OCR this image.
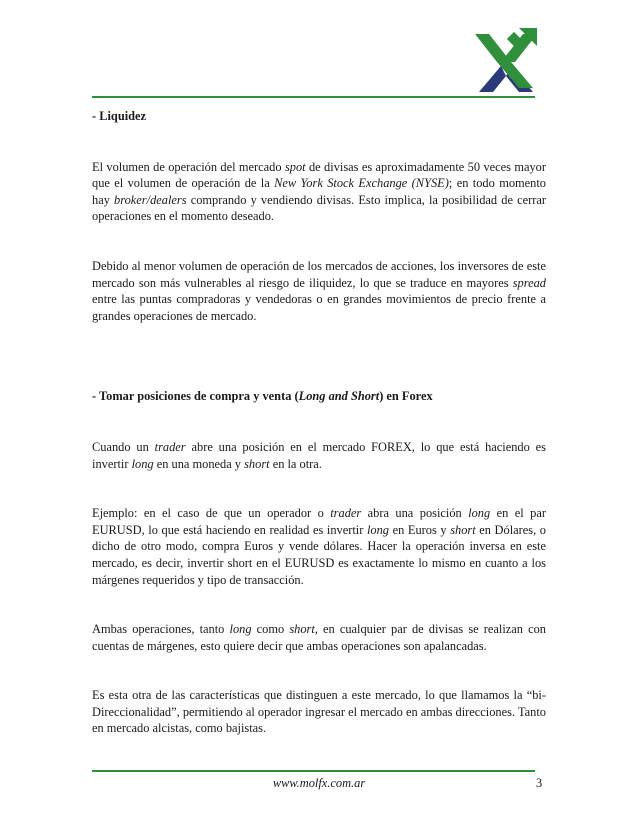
- Liquidez

El volumen de operación del mercado spot de divisas es aproximadamente 50 veces mayor que el volumen de operación de la New York Stock Exchange (NYSE); en todo momento hay broker/dealers comprando y vendiendo divisas. Esto implica, la posibilidad de cerrar operaciones en el momento deseado.

Debido al menor volumen de operación de los mercados de acciones, los inversores de este mercado son más vulnerables al riesgo de iliquidez, lo que se traduce en mayores spread entre las puntas compradoras y vendedoras o en grandes movimientos de precio frente a grandes operaciones de mercado.

- Tomar posiciones de compra y venta (Long and Short) en Forex

Cuando un trader abre una posición en el mercado FOREX, lo que está haciendo es invertir long en una moneda y short en la otra.

Ejemplo: en el caso de que un operador o trader abra una posición long en el par EURUSD, lo que está haciendo en realidad es invertir long en Euros y short en Dólares, o dicho de otro modo, compra Euros y vende dólares. Hacer la operación inversa en este mercado, es decir, invertir short en el EURUSD es exactamente lo mismo en cuanto a los márgenes requeridos y tipo de transacción.

Ambas operaciones, tanto long como short, en cualquier par de divisas se realizan con cuentas de márgenes, esto quiere decir que ambas operaciones son apalancadas.

Es esta otra de las características que distinguen a este mercado, lo que llamamos la “bi-Direccionalidad”, permitiendo al operador ingresar el mercado en ambas direcciones. Tanto en mercado alcistas, como bajistas.

www.molfx.com.ar	3
